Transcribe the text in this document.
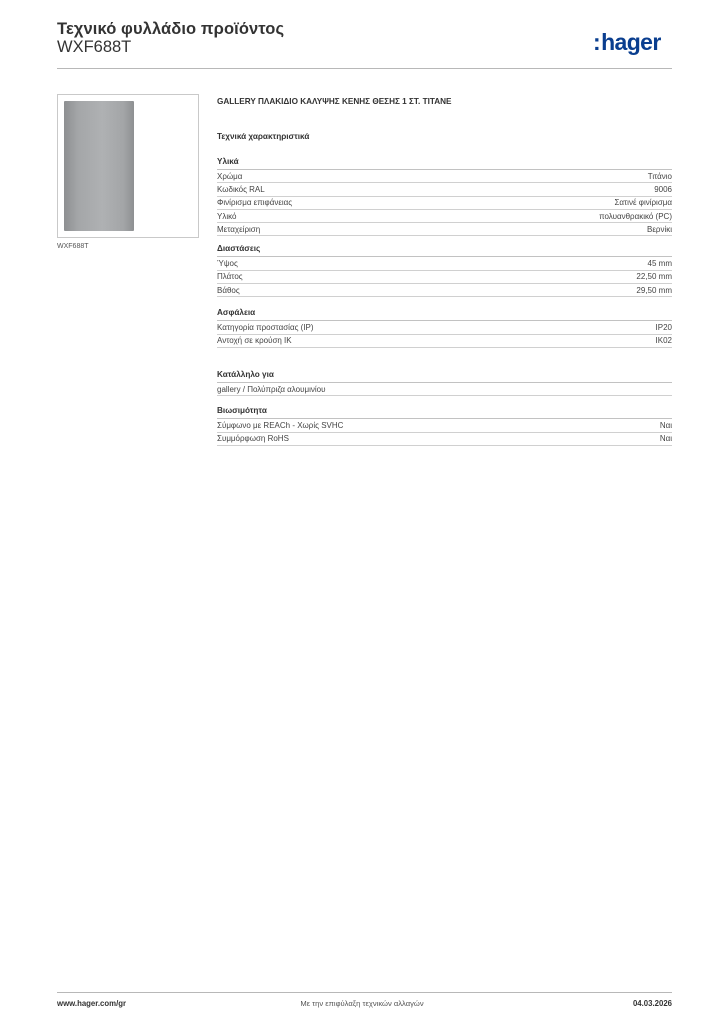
Τεχνικό φυλλάδιο προϊόντος
WXF688T	:hager
WXF688T
GALLERY ΠΛΑΚΙΔΙΟ ΚΑΛΥΨΗΣ ΚΕΝΗΣ ΘΕΣΗΣ 1 ΣΤ. ΤΙΤΑΝΕ
Τεχνικά χαρακτηριστικά
Υλικά
Χρώμα	Τιτάνιο
Κωδικός RAL	9006
Φινίρισμα επιφάνειας	Σατινέ φινίρισμα
Υλικό	πολυανθρακικό (PC)
Μεταχείριση	Βερνίκι
Διαστάσεις
Ύψος	45 mm
Πλάτος	22,50 mm
Βάθος	29,50 mm
Ασφάλεια
Κατηγορία προστασίας (IP)	IP20
Αντοχή σε κρούση IK	IK02
Κατάλληλο για
gallery / Πολύπριζα αλουμινίου
Βιωσιμότητα
Σύμφωνο με REACh - Χωρίς SVHC	Ναι
Συμμόρφωση RoHS	Ναι
www.hager.com/gr	Με την επιφύλαξη τεχνικών αλλαγών	04.03.2026
